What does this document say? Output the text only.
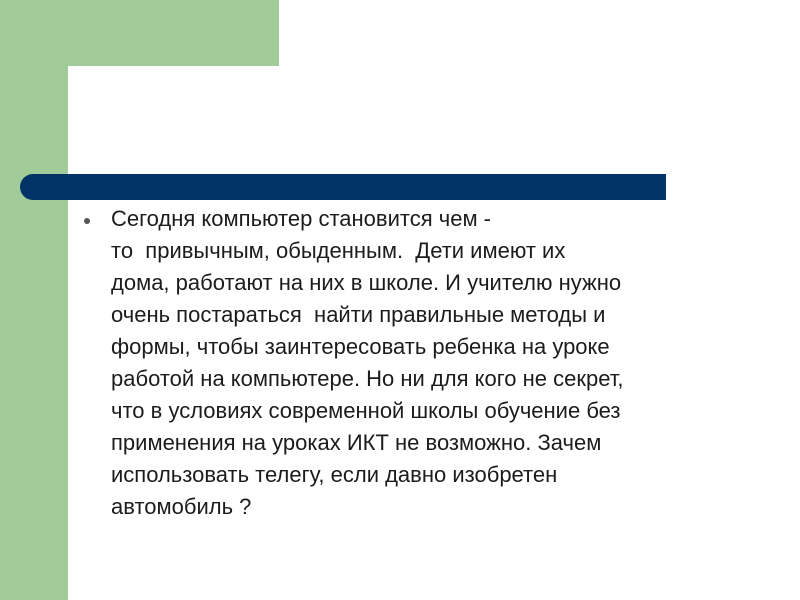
Сегодня компьютер становится чем -
то  привычным, обыденным.  Дети имеют их
дома, работают на них в школе. И учителю нужно
очень постараться  найти правильные методы и
формы, чтобы заинтересовать ребенка на уроке
работой на компьютере. Но ни для кого не секрет,
что в условиях современной школы обучение без
применения на уроках ИКТ не возможно. Зачем
использовать телегу, если давно изобретен
автомобиль ?
